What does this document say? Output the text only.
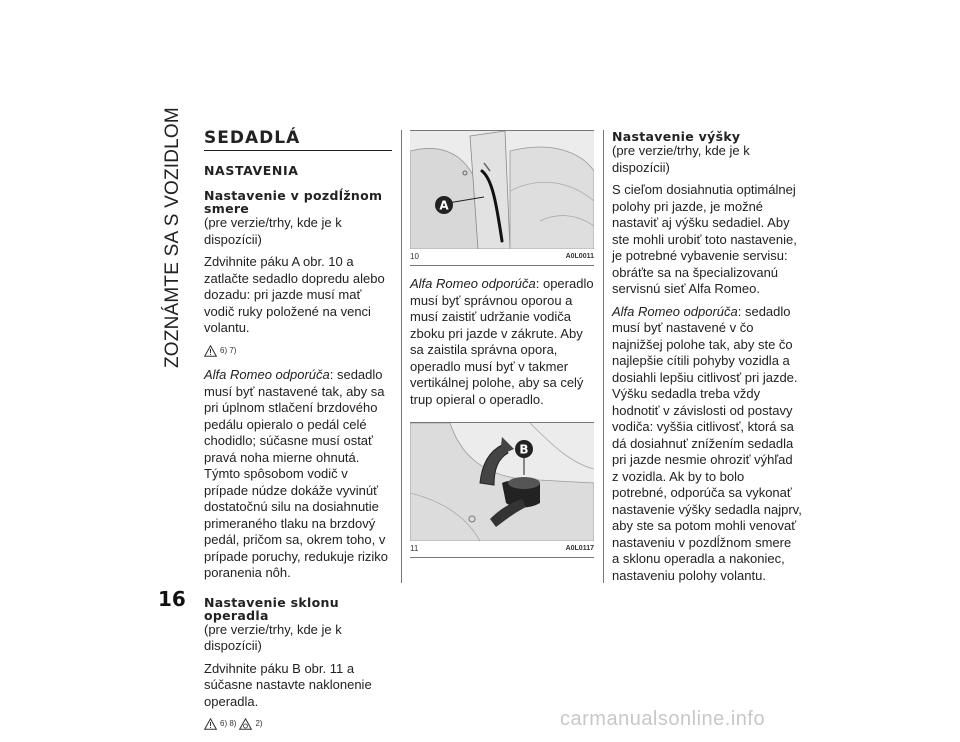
ZOZNÁMTE SA S VOZIDLOM
16
SEDADLÁ
NASTAVENIA
Nastavenie v pozdĺžnom smere
(pre verzie/trhy, kde je k dispozícii)

Zdvihnite páku A obr. 10 a zatlačte sedadlo dopredu alebo dozadu: pri jazde musí mať vodič ruky položené na venci volantu.

6) 7)

Alfa Romeo odporúča: sedadlo musí byť nastavené tak, aby sa pri úplnom stlačení brzdového pedálu opieralo o pedál celé chodidlo; súčasne musí ostať pravá noha mierne ohnutá. Týmto spôsobom vodič v prípade núdze dokáže vyvinúť dostatočnú silu na dosiahnutie primeraného tlaku na brzdový pedál, pričom sa, okrem toho, v prípade poruchy, redukuje riziko poranenia nôh.

Nastavenie sklonu operadla
(pre verzie/trhy, kde je k dispozícii)

Zdvihnite páku B obr. 11 a súčasne nastavte naklonenie operadla.

6) 8) 2)
A
10	A0L0011

Alfa Romeo odporúča: operadlo musí byť správnou oporou a musí zaistiť udržanie vodiča zboku pri jazde v zákrute. Aby sa zaistila správna opora, operadlo musí byť v takmer vertikálnej polohe, aby sa celý trup opieral o operadlo.

B
11	A0L0117
Nastavenie výšky
(pre verzie/trhy, kde je k dispozícii)

S cieľom dosiahnutia optimálnej polohy pri jazde, je možné nastaviť aj výšku sedadiel. Aby ste mohli urobiť toto nastavenie, je potrebné vybavenie servisu: obráťte sa na špecializovanú servisnú sieť Alfa Romeo.

Alfa Romeo odporúča: sedadlo musí byť nastavené v čo najnižšej polohe tak, aby ste čo najlepšie cítili pohyby vozidla a dosiahli lepšiu citlivosť pri jazde. Výšku sedadla treba vždy hodnotiť v závislosti od postavy vodiča: vyššia citlivosť, ktorá sa dá dosiahnuť znížením sedadla pri jazde nesmie ohroziť výhľad z vozidla. Ak by to bolo potrebné, odporúča sa vykonať nastavenie výšky sedadla najprv, aby ste sa potom mohli venovať nastaveniu v pozdĺžnom smere a sklonu operadla a nakoniec, nastaveniu polohy volantu.

carmanualsonline.info
